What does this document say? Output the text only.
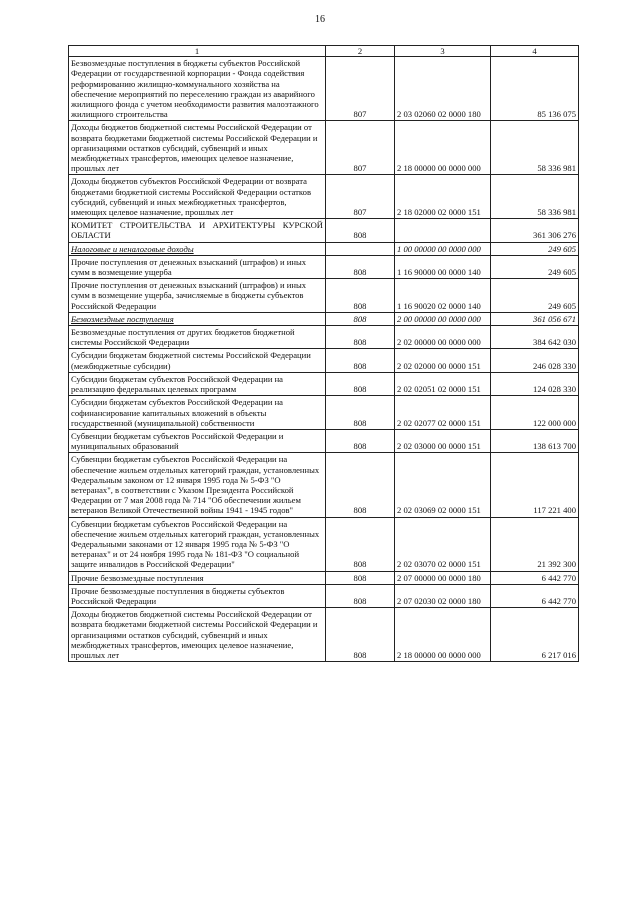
16
1	2	3	4
Безвозмездные поступления в бюджеты субъектов Российской Федерации от государственной корпорации - Фонда содействия реформированию жилищно-коммунального хозяйства на обеспечение мероприятий по переселению граждан из аварийного жилищного фонда с учетом необходимости развития малоэтажного жилищного строительства	807	2 03 02060 02 0000 180	85 136 075
Доходы бюджетов бюджетной системы Российской Федерации от возврата бюджетами бюджетной системы Российской Федерации и организациями остатков субсидий, субвенций и иных межбюджетных трансфертов, имеющих целевое назначение, прошлых лет	807	2 18 00000 00 0000 000	58 336 981
Доходы бюджетов субъектов Российской Федерации от возврата бюджетами бюджетной системы Российской Федерации остатков субсидий, субвенций и иных межбюджетных трансфертов, имеющих целевое назначение, прошлых лет	807	2 18 02000 02 0000 151	58 336 981
КОМИТЕТ СТРОИТЕЛЬСТВА И АРХИТЕКТУРЫ КУРСКОЙ ОБЛАСТИ	808		361 306 276
Налоговые и неналоговые доходы		1 00 00000 00 0000 000	249 605
Прочие поступления от денежных взысканий (штрафов) и иных сумм в возмещение ущерба	808	1 16 90000 00 0000 140	249 605
Прочие поступления от денежных взысканий (штрафов) и иных сумм в возмещение ущерба, зачисляемые в бюджеты субъектов Российской Федерации	808	1 16 90020 02 0000 140	249 605
Безвозмездные поступления	808	2 00 00000 00 0000 000	361 056 671
Безвозмездные поступления от других бюджетов бюджетной системы Российской Федерации	808	2 02 00000 00 0000 000	384 642 030
Субсидии бюджетам бюджетной системы Российской Федерации (межбюджетные субсидии)	808	2 02 02000 00 0000 151	246 028 330
Субсидии бюджетам субъектов Российской Федерации на реализацию федеральных целевых программ	808	2 02 02051 02 0000 151	124 028 330
Субсидии бюджетам субъектов Российской Федерации на софинансирование капитальных вложений в объекты государственной (муниципальной) собственности	808	2 02 02077 02 0000 151	122 000 000
Субвенции бюджетам субъектов Российской Федерации и муниципальных образований	808	2 02 03000 00 0000 151	138 613 700
Субвенции бюджетам субъектов Российской Федерации на обеспечение жильем отдельных категорий граждан, установленных Федеральным законом от 12 января 1995 года № 5-ФЗ "О ветеранах", в соответствии с Указом Президента Российской Федерации от 7 мая 2008 года № 714 "Об обеспечении жильем ветеранов Великой Отечественной войны 1941 - 1945 годов"	808	2 02 03069 02 0000 151	117 221 400
Субвенции бюджетам субъектов Российской Федерации на обеспечение жильем отдельных категорий граждан, установленных Федеральными законами от 12 января 1995 года № 5-ФЗ "О ветеранах" и от 24 ноября 1995 года № 181-ФЗ "О социальной защите инвалидов в Российской Федерации"	808	2 02 03070 02 0000 151	21 392 300
Прочие безвозмездные поступления	808	2 07 00000 00 0000 180	6 442 770
Прочие безвозмездные поступления в бюджеты субъектов Российской Федерации	808	2 07 02030 02 0000 180	6 442 770
Доходы бюджетов бюджетной системы Российской Федерации от возврата бюджетами бюджетной системы Российской Федерации и организациями остатков субсидий, субвенций и иных межбюджетных трансфертов, имеющих целевое назначение, прошлых лет	808	2 18 00000 00 0000 000	6 217 016
